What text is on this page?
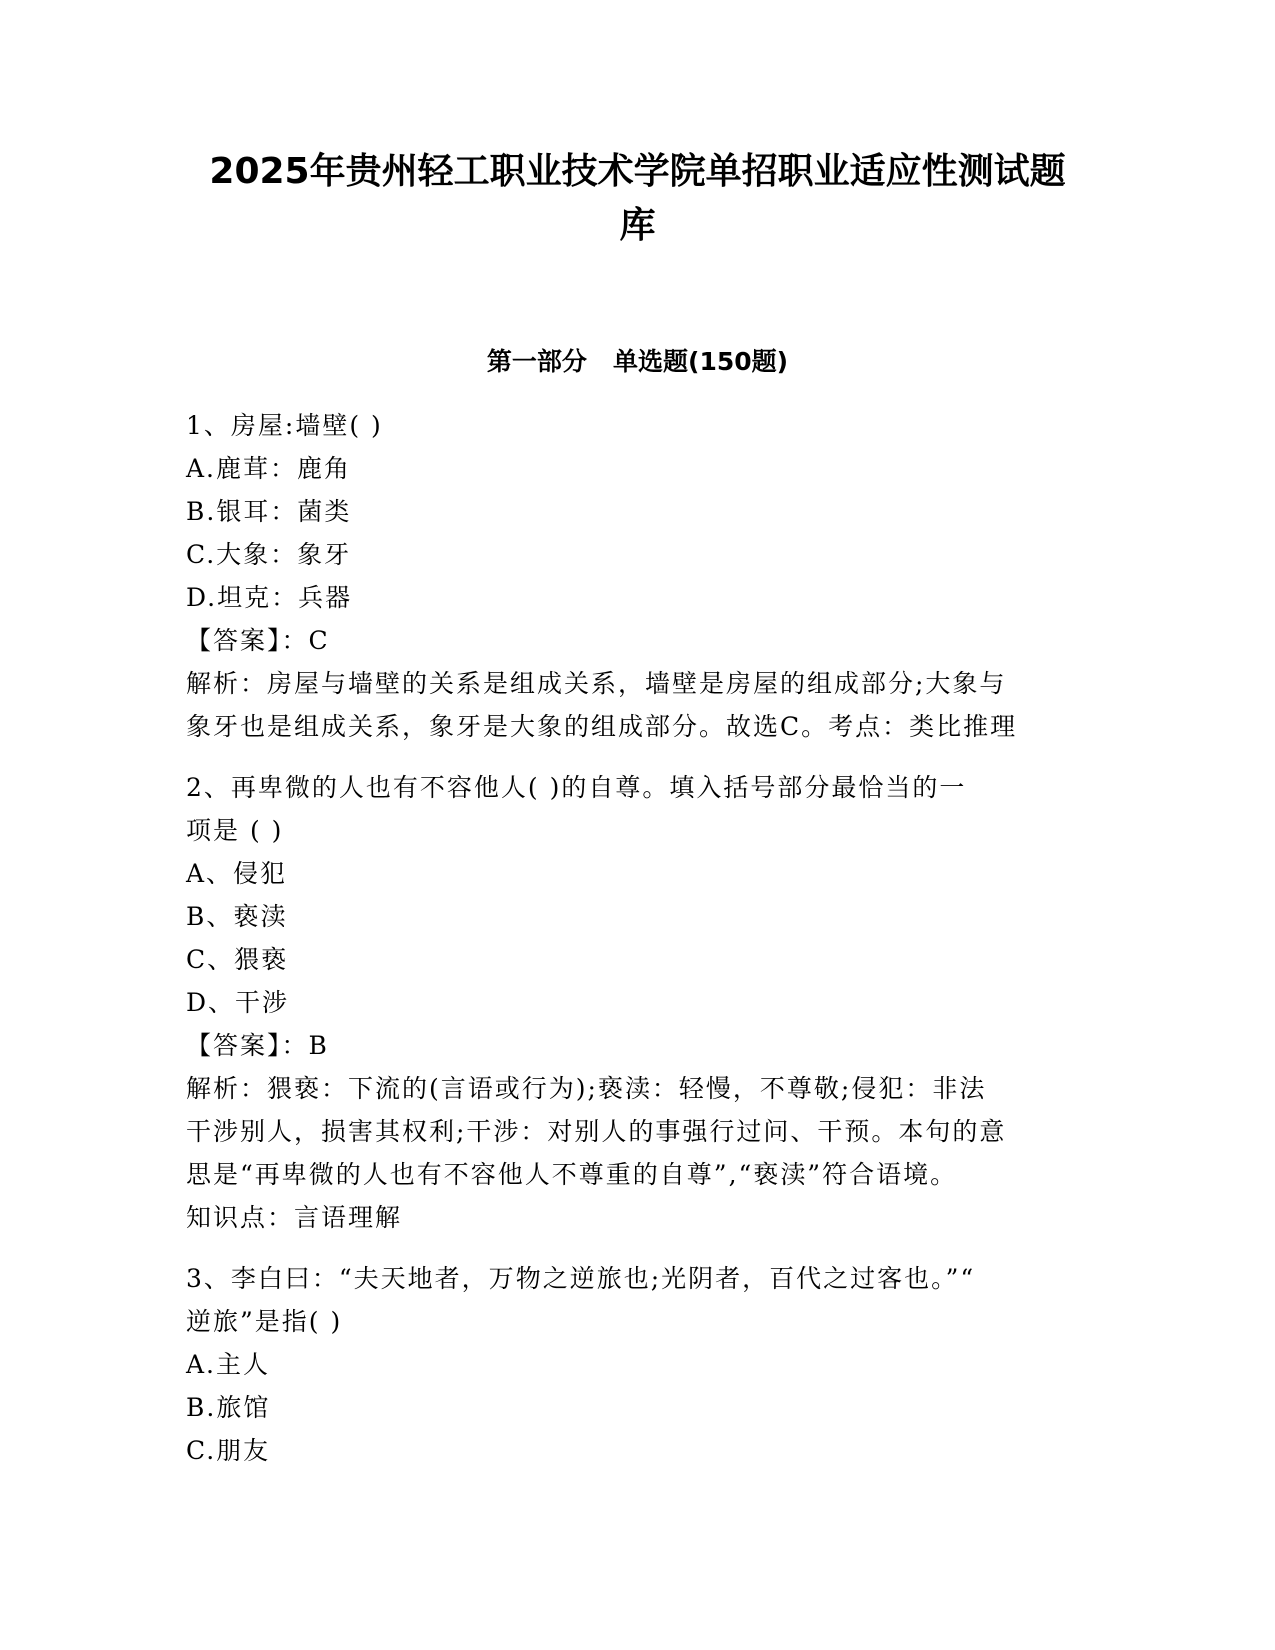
2025年贵州轻工职业技术学院单招职业适应性测试题
库
第一部分   单选题(150题)
1、房屋:墙壁( )
A.鹿茸：鹿角
B.银耳：菌类
C.大象：象牙
D.坦克：兵器
【答案】：C
解析：房屋与墙壁的关系是组成关系，墙壁是房屋的组成部分;大象与
象牙也是组成关系，象牙是大象的组成部分。故选C。考点：类比推理
2、再卑微的人也有不容他人( )的自尊。填入括号部分最恰当的一
项是 ( )
A、侵犯
B、亵渎
C、猥亵
D、干涉
【答案】：B
解析：猥亵：下流的(言语或行为);亵渎：轻慢，不尊敬;侵犯：非法
干涉别人，损害其权利;干涉：对别人的事强行过问、干预。本句的意
思是“再卑微的人也有不容他人不尊重的自尊”,“亵渎”符合语境。
知识点：言语理解
3、李白曰：“夫天地者，万物之逆旅也;光阴者，百代之过客也。”“
逆旅”是指( )
A.主人
B.旅馆
C.朋友
